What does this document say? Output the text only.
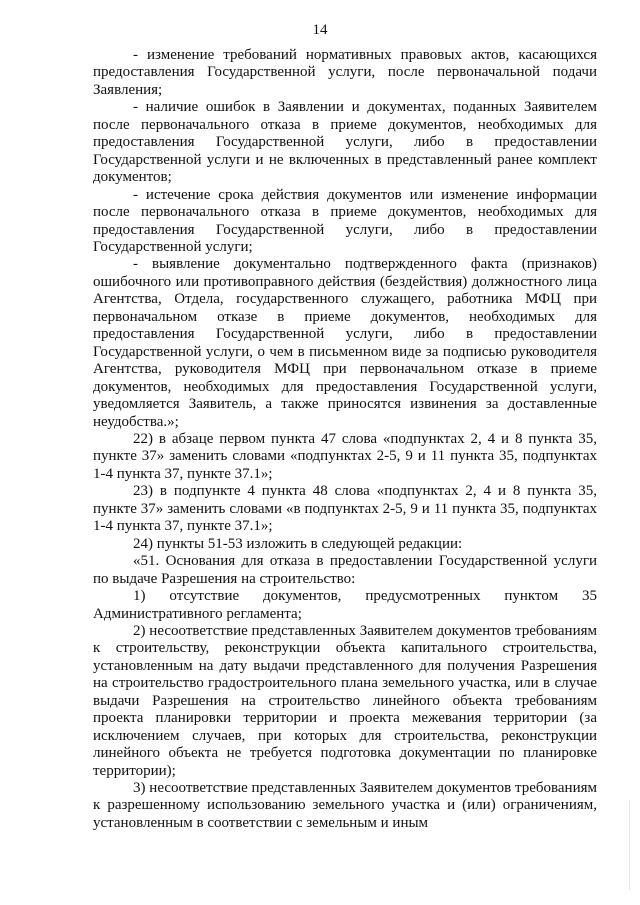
14

- изменение требований нормативных правовых актов, касающихся предоставления Государственной услуги, после первоначальной подачи Заявления;

- наличие ошибок в Заявлении и документах, поданных Заявителем после первоначального отказа в приеме документов, необходимых для предоставления Государственной услуги, либо в предоставлении Государственной услуги и не включенных в представленный ранее комплект документов;

- истечение срока действия документов или изменение информации после первоначального отказа в приеме документов, необходимых для предоставления Государственной услуги, либо в предоставлении Государственной услуги;

- выявление документально подтвержденного факта (признаков) ошибочного или противоправного действия (бездействия) должностного лица Агентства, Отдела, государственного служащего, работника МФЦ при первоначальном отказе в приеме документов, необходимых для предоставления Государственной услуги, либо в предоставлении Государственной услуги, о чем в письменном виде за подписью руководителя Агентства, руководителя МФЦ при первоначальном отказе в приеме документов, необходимых для предоставления Государственной услуги, уведомляется Заявитель, а также приносятся извинения за доставленные неудобства.»;

22) в абзаце первом пункта 47 слова «подпунктах 2, 4 и 8 пункта 35, пункте 37» заменить словами «подпунктах 2-5, 9 и 11 пункта 35, подпунктах 1-4 пункта 37, пункте 37.1»;

23) в подпункте 4 пункта 48 слова «подпунктах 2, 4 и 8 пункта 35, пункте 37» заменить словами «в подпунктах 2-5, 9 и 11 пункта 35, подпунктах 1-4 пункта 37, пункте 37.1»;

24) пункты 51-53 изложить в следующей редакции:

«51. Основания для отказа в предоставлении Государственной услуги по выдаче Разрешения на строительство:

1) отсутствие документов, предусмотренных пунктом 35 Административного регламента;

2) несоответствие представленных Заявителем документов требованиям к строительству, реконструкции объекта капитального строительства, установленным на дату выдачи представленного для получения Разрешения на строительство градостроительного плана земельного участка, или в случае выдачи Разрешения на строительство линейного объекта требованиям проекта планировки территории и проекта межевания территории (за исключением случаев, при которых для строительства, реконструкции линейного объекта не требуется подготовка документации по планировке территории);

3) несоответствие представленных Заявителем документов требованиям к разрешенному использованию земельного участка и (или) ограничениям, установленным в соответствии с земельным и иным
